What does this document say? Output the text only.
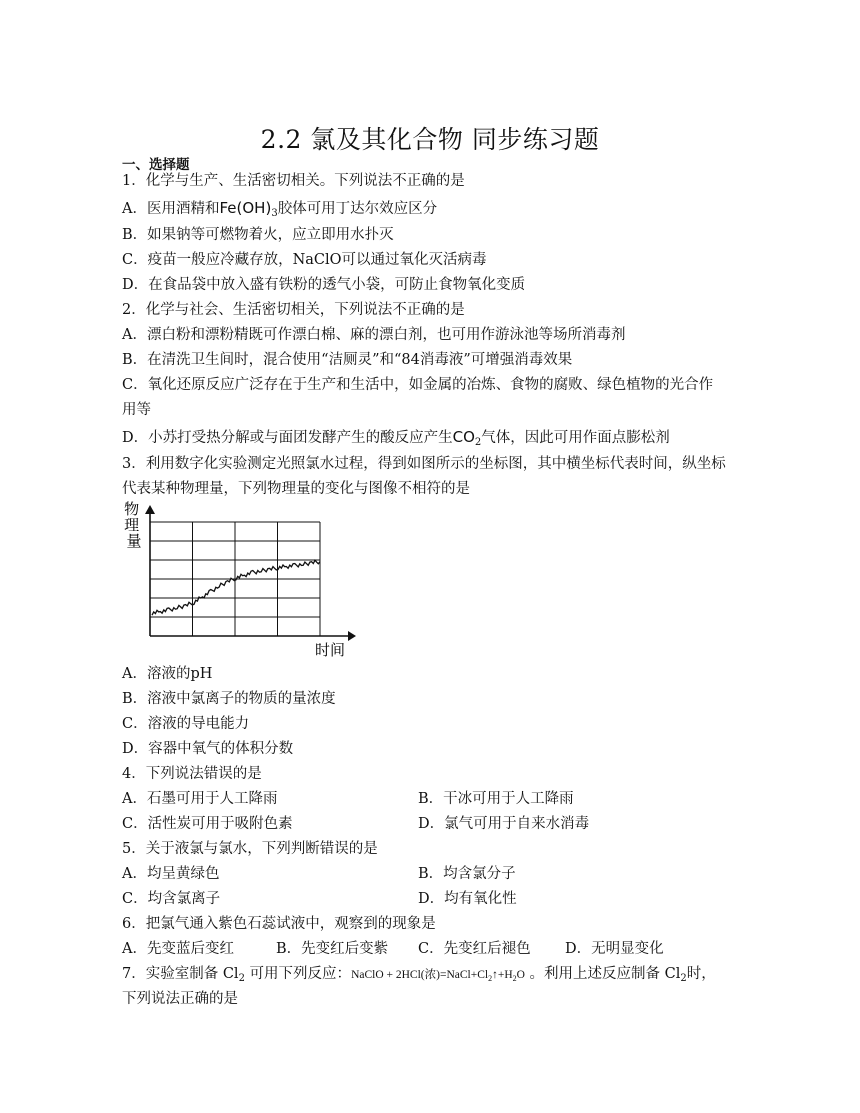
2.2 氯及其化合物 同步练习题
一、选择题
1．化学与生产、生活密切相关。下列说法不正确的是
A．医用酒精和$Fe(OH)_3$胶体可用丁达尔效应区分
B．如果钠等可燃物着火，应立即用水扑灭
C．疫苗一般应冷藏存放，NaClO可以通过氧化灭活病毒
D．在食品袋中放入盛有铁粉的透气小袋，可防止食物氧化变质
2．化学与社会、生活密切相关，下列说法不正确的是
A．漂白粉和漂粉精既可作漂白棉、麻的漂白剂，也可用作游泳池等场所消毒剂
B．在清洗卫生间时，混合使用“洁厕灵”和“84消毒液”可增强消毒效果
C．氧化还原反应广泛存在于生产和生活中，如金属的冶炼、食物的腐败、绿色植物的光合作
用等
D．小苏打受热分解或与面团发酵产生的酸反应产生$CO_2$气体，因此可用作面点膨松剂
3．利用数字化实验测定光照氯水过程，得到如图所示的坐标图，其中横坐标代表时间，纵坐标
代表某种物理量，下列物理量的变化与图像不相符的是
物 理 量
时间
A．溶液的pH
B．溶液中氯离子的物质的量浓度
C．溶液的导电能力
D．容器中氧气的体积分数
4．下列说法错误的是
A．石墨可用于人工降雨	B．干冰可用于人工降雨
C．活性炭可用于吸附色素	D．氯气可用于自来水消毒
5．关于液氯与氯水，下列判断错误的是
A．均呈黄绿色	B．均含氯分子
C．均含氯离子	D．均有氧化性
6．把氯气通入紫色石蕊试液中，观察到的现象是
A．先变蓝后变红	B．先变红后变紫 C．先变红后褪色 D．无明显变化
7．实验室制备 $Cl_2$ 可用下列反应：NaClO + 2HCl(浓)$=NaCl+Cl_2↑+H_2O$ 。利用上述反应制备 $Cl_2$时，
下列说法正确的是
